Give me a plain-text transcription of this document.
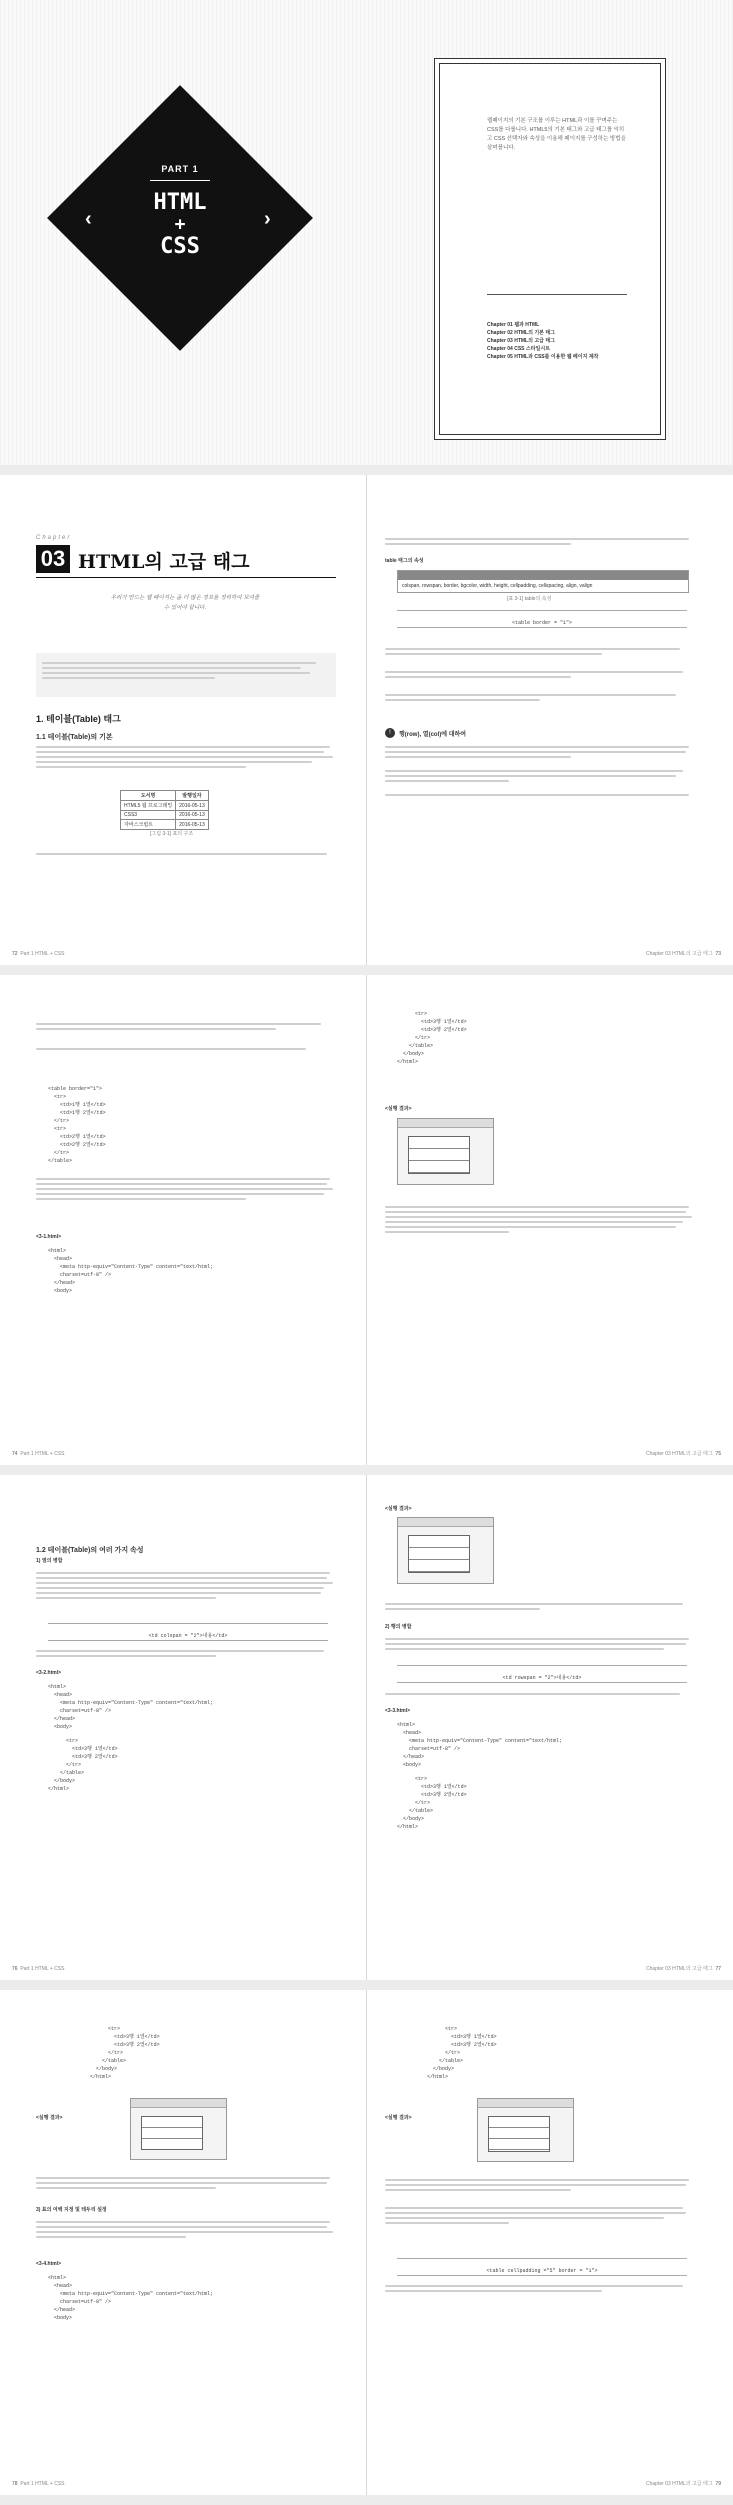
PART 1
HTML
+
CSS
‹	›
웹페이지의 기본 구조를 이루는 HTML과 이를 꾸며주는 CSS를 다룹니다. HTML5의 기본 태그와 고급 태그를 익히고 CSS 선택자와 속성을 이용해 페이지를 구성하는 방법을 살펴봅니다.
Chapter 01 웹과 HTML
Chapter 02 HTML의 기본 태그
Chapter 03 HTML의 고급 태그
Chapter 04 CSS 스타일시트
Chapter 05 HTML과 CSS를 이용한 웹 페이지 제작
Chapter
03 HTML의 고급 태그
우리가 만드는 웹 페이지는 좀 더 많은 정보를 정리하여 보여줄 수 있어야 합니다.
1. 테이블(Table) 태그
1.1 테이블(Table)의 기본
도서명	발행일자
HTML5 웹 프로그래밍	2016-05-13
CSS3	2016-05-13
자바스크립트	2016-05-13
[그림 3-1] 표의 구조
72 Part 1 HTML + CSS
table 태그의 속성
colspan, rowspan, border, bgcolor, width, height, cellpadding, cellspacing, align, valign
[표 3-1] table의 속성
<table border = "1">
!	행(row), 열(col)에 대하여
Chapter 03 HTML의 고급 태그 73
<table border="1">
<tr>
<td>1행 1열</td>
<td>1행 2열</td>
</tr>
<tr>
<td>2행 1열</td>
<td>2행 2열</td>
</tr>
</table>
<3-1.html>
<html>
<head>
<meta http-equiv="Content-Type" content="text/html;
charset=utf-8" />
</head>
<body>
74 Part 1 HTML + CSS
<tr>
<td>3행 1열</td>
<td>3행 2열</td>
</tr>
</table>
</body>
</html>
<실행 결과>
Chapter 03 HTML의 고급 태그 75
1.2 테이블(Table)의 여러 가지 속성
1) 열의 병합
<td colspan = "2">내용</td>
<3-2.html>
<html>
<head>
<meta http-equiv="Content-Type" content="text/html;
charset=utf-8" />
</head>
<body>
<tr>
<td>3행 1열</td>
<td>3행 2열</td>
</tr>
</table>
</body>
</html>
76 Part 1 HTML + CSS
<실행 결과>
2) 행의 병합
<td rowspan = "2">내용</td>
<3-3.html>
<html>
<head>
<meta http-equiv="Content-Type" content="text/html;
charset=utf-8" />
</head>
<body>
<tr>
<td>3행 1열</td>
<td>3행 2열</td>
</tr>
</table>
</body>
</html>
Chapter 03 HTML의 고급 태그 77
<tr>
<td>3행 1열</td>
<td>3행 2열</td>
</tr>
</table>
</body>
</html>
<실행 결과>
3) 표의 여백 지정 및 테두리 설정
<3-4.html>
<html>
<head>
<meta http-equiv="Content-Type" content="text/html;
charset=utf-8" />
</head>
<body>
78 Part 1 HTML + CSS
<tr>
<td>3행 1열</td>
<td>3행 2열</td>
</tr>
</table>
</body>
</html>
<실행 결과>
<table cellpadding ="5" border = "1">
Chapter 03 HTML의 고급 태그 79
